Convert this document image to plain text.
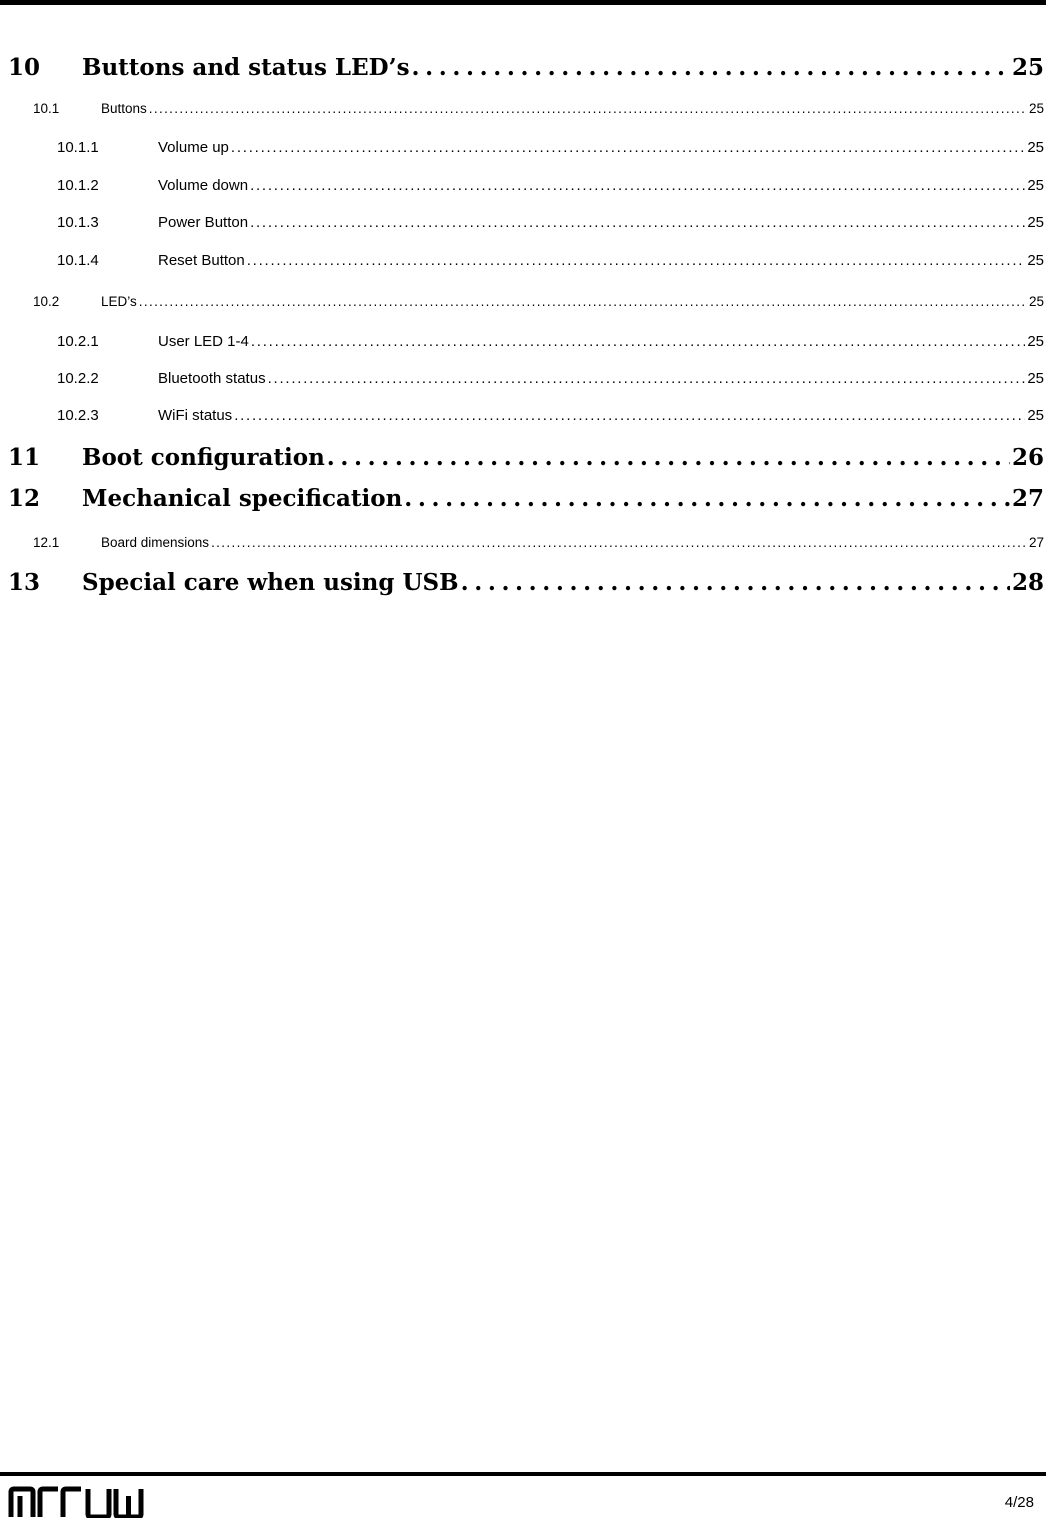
10	Buttons and status LED’s . . .	25
10.1	Buttons . . .	25
10.1.1	Volume up . . .	25
10.1.2	Volume down . . .	25
10.1.3	Power Button . . .	25
10.1.4	Reset Button . . .	25
10.2	LED’s . . .	25
10.2.1	User LED 1-4 . . .	25
10.2.2	Bluetooth status . . .	25
10.2.3	WiFi status . . .	25
11	Boot configuration . . .	26
12	Mechanical specification . . .	27
12.1	Board dimensions . . .	27
13	Special care when using USB . . .	28
4/28
